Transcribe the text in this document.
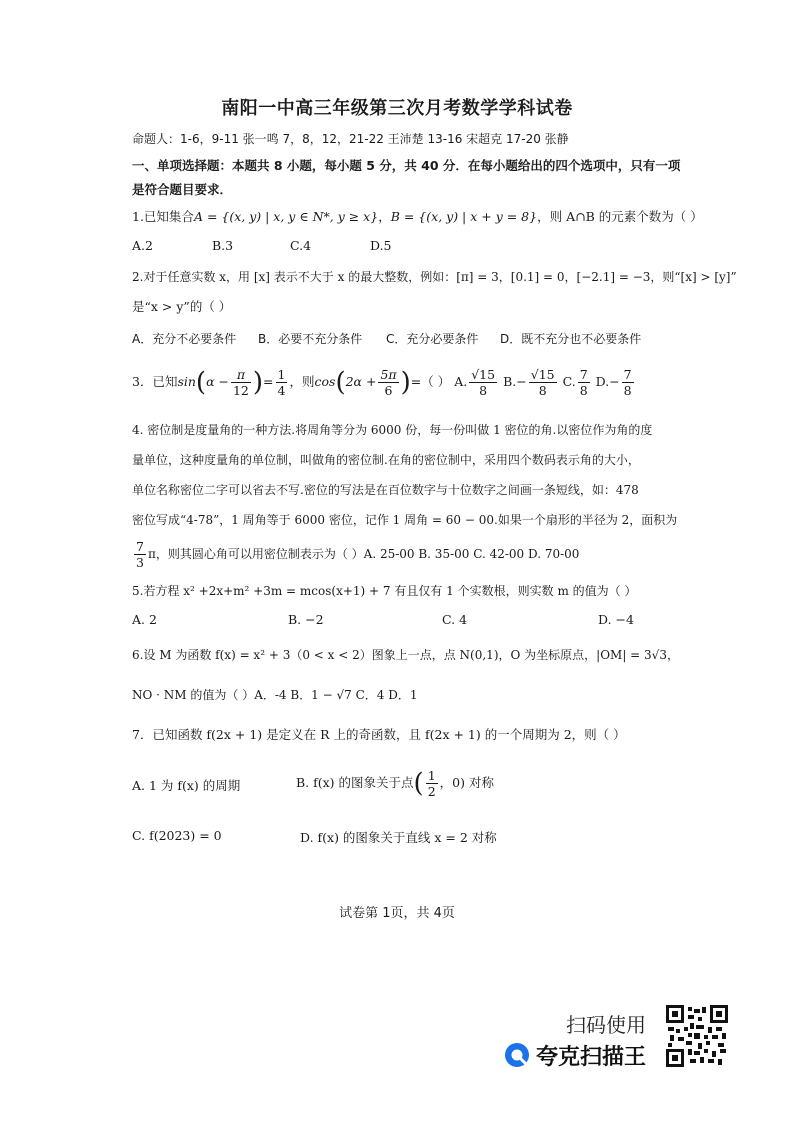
南阳一中高三年级第三次月考数学学科试卷
命题人：1-6，9-11 张一鸣 7，8，12，21-22 王沛楚 13-16 宋超克 17-20 张静
一、单项选择题：本题共 8 小题，每小题 5 分，共 40 分．在每小题给出的四个选项中，只有一项
是符合题目要求．
1.已知集合A = {(x, y) | x, y ∈ N*, y ≥ x}，B = {(x, y) | x + y = 8}，则 A∩B 的元素个数为（ ）
A.2	B.3	C.4	D.5
2.对于任意实数 x，用 [x] 表示不大于 x 的最大整数，例如：[π] = 3，[0.1] = 0，[−2.1] = −3，则“[x] > [y]”
是“x > y”的（ ）
A．充分不必要条件 B．必要不充分条件 C．充分必要条件 D．既不充分也不必要条件
3．已知$\sin(\alpha - \frac{\pi}{12}$ )= $\frac{1}{4}$ ，则$\cos(2\alpha + \frac{5\pi}{6}$ )=（ ） A. $\frac{√15}{8} B.- \frac{√15}{8} C$. $\frac{7}{8} D.- \frac{7}{8}$
4. 密位制是度量角的一种方法.将周角等分为 6000 份，每一份叫做 1 密位的角.以密位作为角的度
量单位，这种度量角的单位制，叫做角的密位制.在角的密位制中，采用四个数码表示角的大小，
单位名称密位二字可以省去不写.密位的写法是在百位数字与十位数字之间画一条短线，如：478
密位写成“4-78”，1 周角等于 6000 密位，记作 1 周角 = 60 − 00.如果一个扇形的半径为 2，面积为
$\frac{7}{3}$ π，则其圆心角可以用密位制表示为（ ）A. 25-00 B. 35-00 C. 42-00 D. 70-00
5.若方程 x² +2x+m² +3m = mcos(x+1) + 7 有且仅有 1 个实数根，则实数 m 的值为（ ）
A. 2	B. −2	C. 4	D. −4
6.设 M 为函数 f(x) = x² + 3（0 < x < 2）图象上一点，点 N(0,1)，O 为坐标原点，|OM| = 3√3，
NO · NM 的值为（ ）A．-4 B．1 − √7 C．4 D．1
7．已知函数 f(2x + 1) 是定义在 R 上的奇函数，且 f(2x + 1) 的一个周期为 2，则（ ）
A. 1 为 f(x) 的周期	B. f(x) 的图象关于点( $\frac{1}{2}$ ，0) 对称
C. f(2023) = 0	D. f(x) 的图象关于直线 x = 2 对称
试卷第 1页，共 4页
扫码使用
夸克扫描王
